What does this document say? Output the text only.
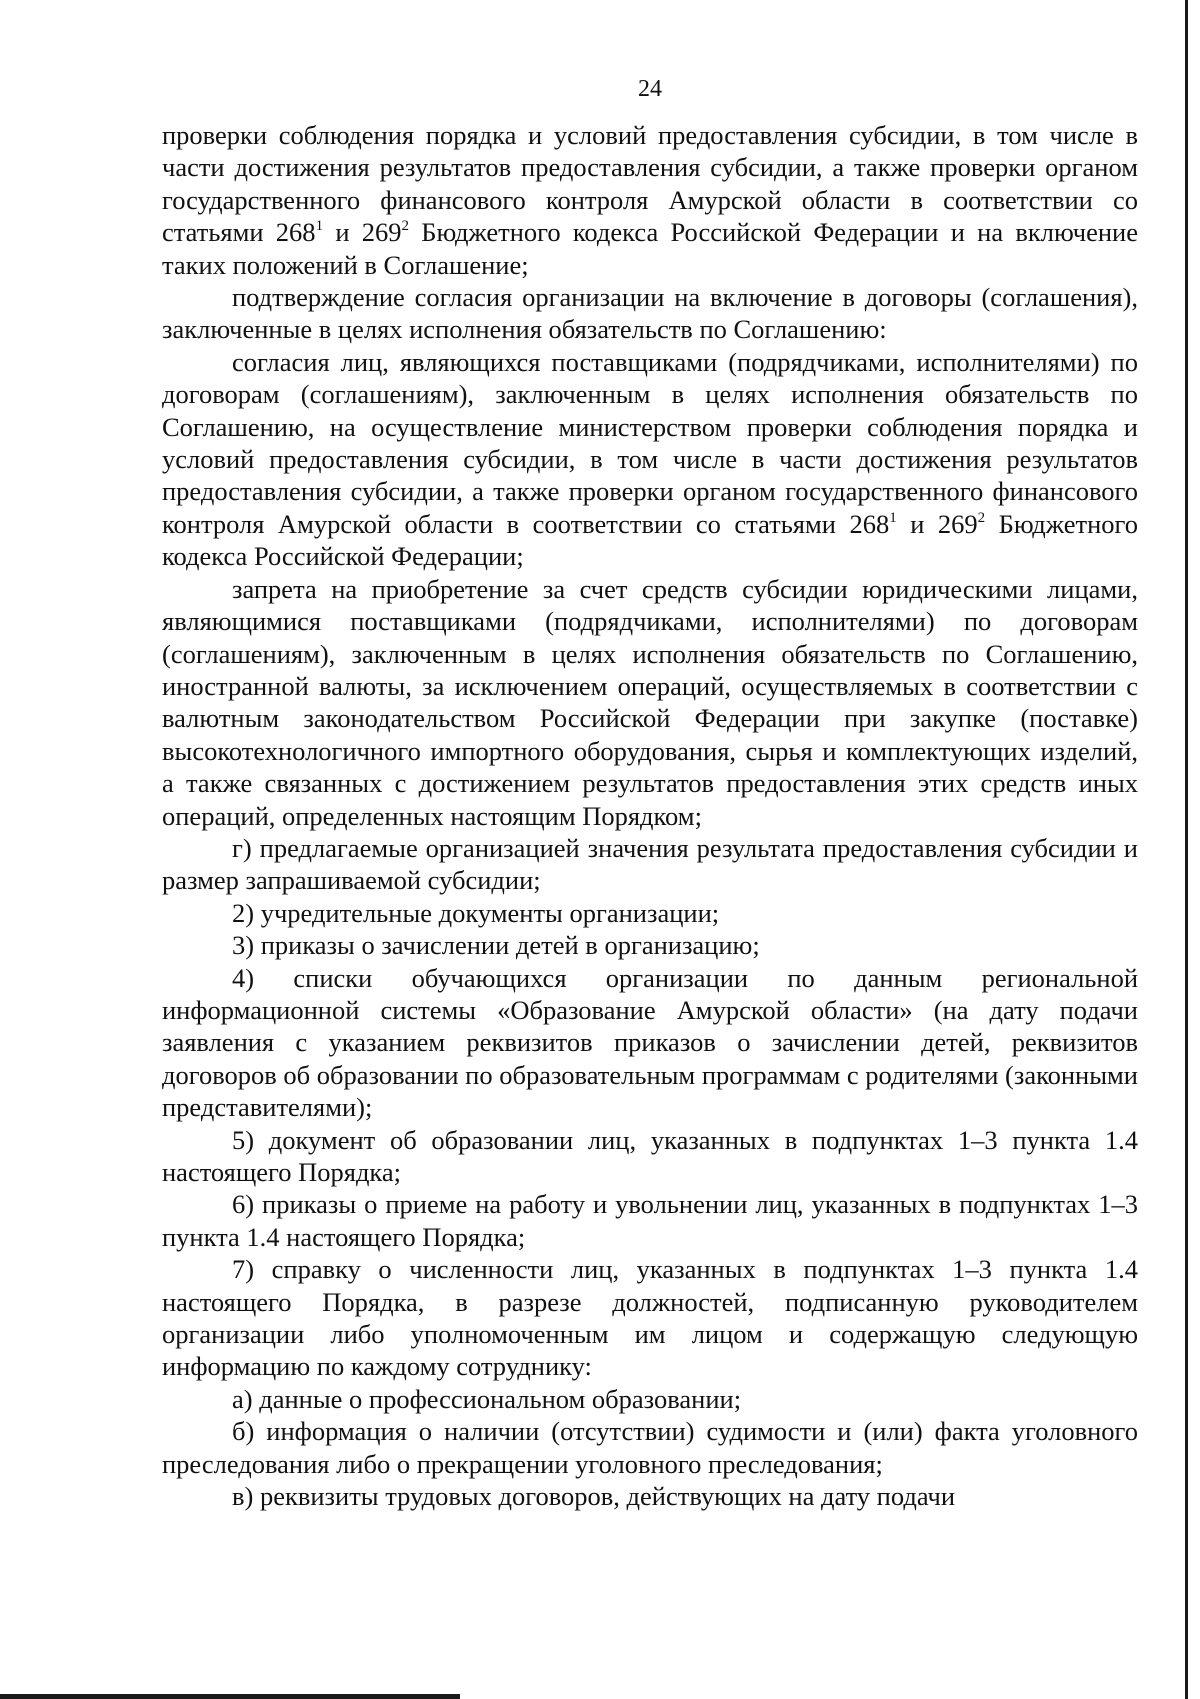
24

проверки соблюдения порядка и условий предоставления субсидии, в том числе в части достижения результатов предоставления субсидии, а также проверки органом государственного финансового контроля Амурской области в соответствии со статьями $268^1$ и $269^2$ Бюджетного кодекса Российской Федерации и на включение таких положений в Соглашение;

подтверждение согласия организации на включение в договоры (соглашения), заключенные в целях исполнения обязательств по Соглашению:

согласия лиц, являющихся поставщиками (подрядчиками, исполнителями) по договорам (соглашениям), заключенным в целях исполнения обязательств по Соглашению, на осуществление министерством проверки соблюдения порядка и условий предоставления субсидии, в том числе в части достижения результатов предоставления субсидии, а также проверки органом государственного финансового контроля Амурской области в соответствии со статьями $268^1$ и $269^2$ Бюджетного кодекса Российской Федерации;

запрета на приобретение за счет средств субсидии юридическими лицами, являющимися поставщиками (подрядчиками, исполнителями) по договорам (соглашениям), заключенным в целях исполнения обязательств по Соглашению, иностранной валюты, за исключением операций, осуществляемых в соответствии с валютным законодательством Российской Федерации при закупке (поставке) высокотехнологичного импортного оборудования, сырья и комплектующих изделий, а также связанных с достижением результатов предоставления этих средств иных операций, определенных настоящим Порядком;

г) предлагаемые организацией значения результата предоставления субсидии и размер запрашиваемой субсидии;

2) учредительные документы организации;

3) приказы о зачислении детей в организацию;

4) списки обучающихся организации по данным региональной информационной системы «Образование Амурской области» (на дату подачи заявления с указанием реквизитов приказов о зачислении детей, реквизитов договоров об образовании по образовательным программам с родителями (законными представителями);

5) документ об образовании лиц, указанных в подпунктах 1–3 пункта 1.4 настоящего Порядка;

6) приказы о приеме на работу и увольнении лиц, указанных в подпунктах 1–3 пункта 1.4 настоящего Порядка;

7) справку о численности лиц, указанных в подпунктах 1–3 пункта 1.4 настоящего Порядка, в разрезе должностей, подписанную руководителем организации либо уполномоченным им лицом и содержащую следующую информацию по каждому сотруднику:

а) данные о профессиональном образовании;

б) информация о наличии (отсутствии) судимости и (или) факта уголовного преследования либо о прекращении уголовного преследования;

в) реквизиты трудовых договоров, действующих на дату подачи
